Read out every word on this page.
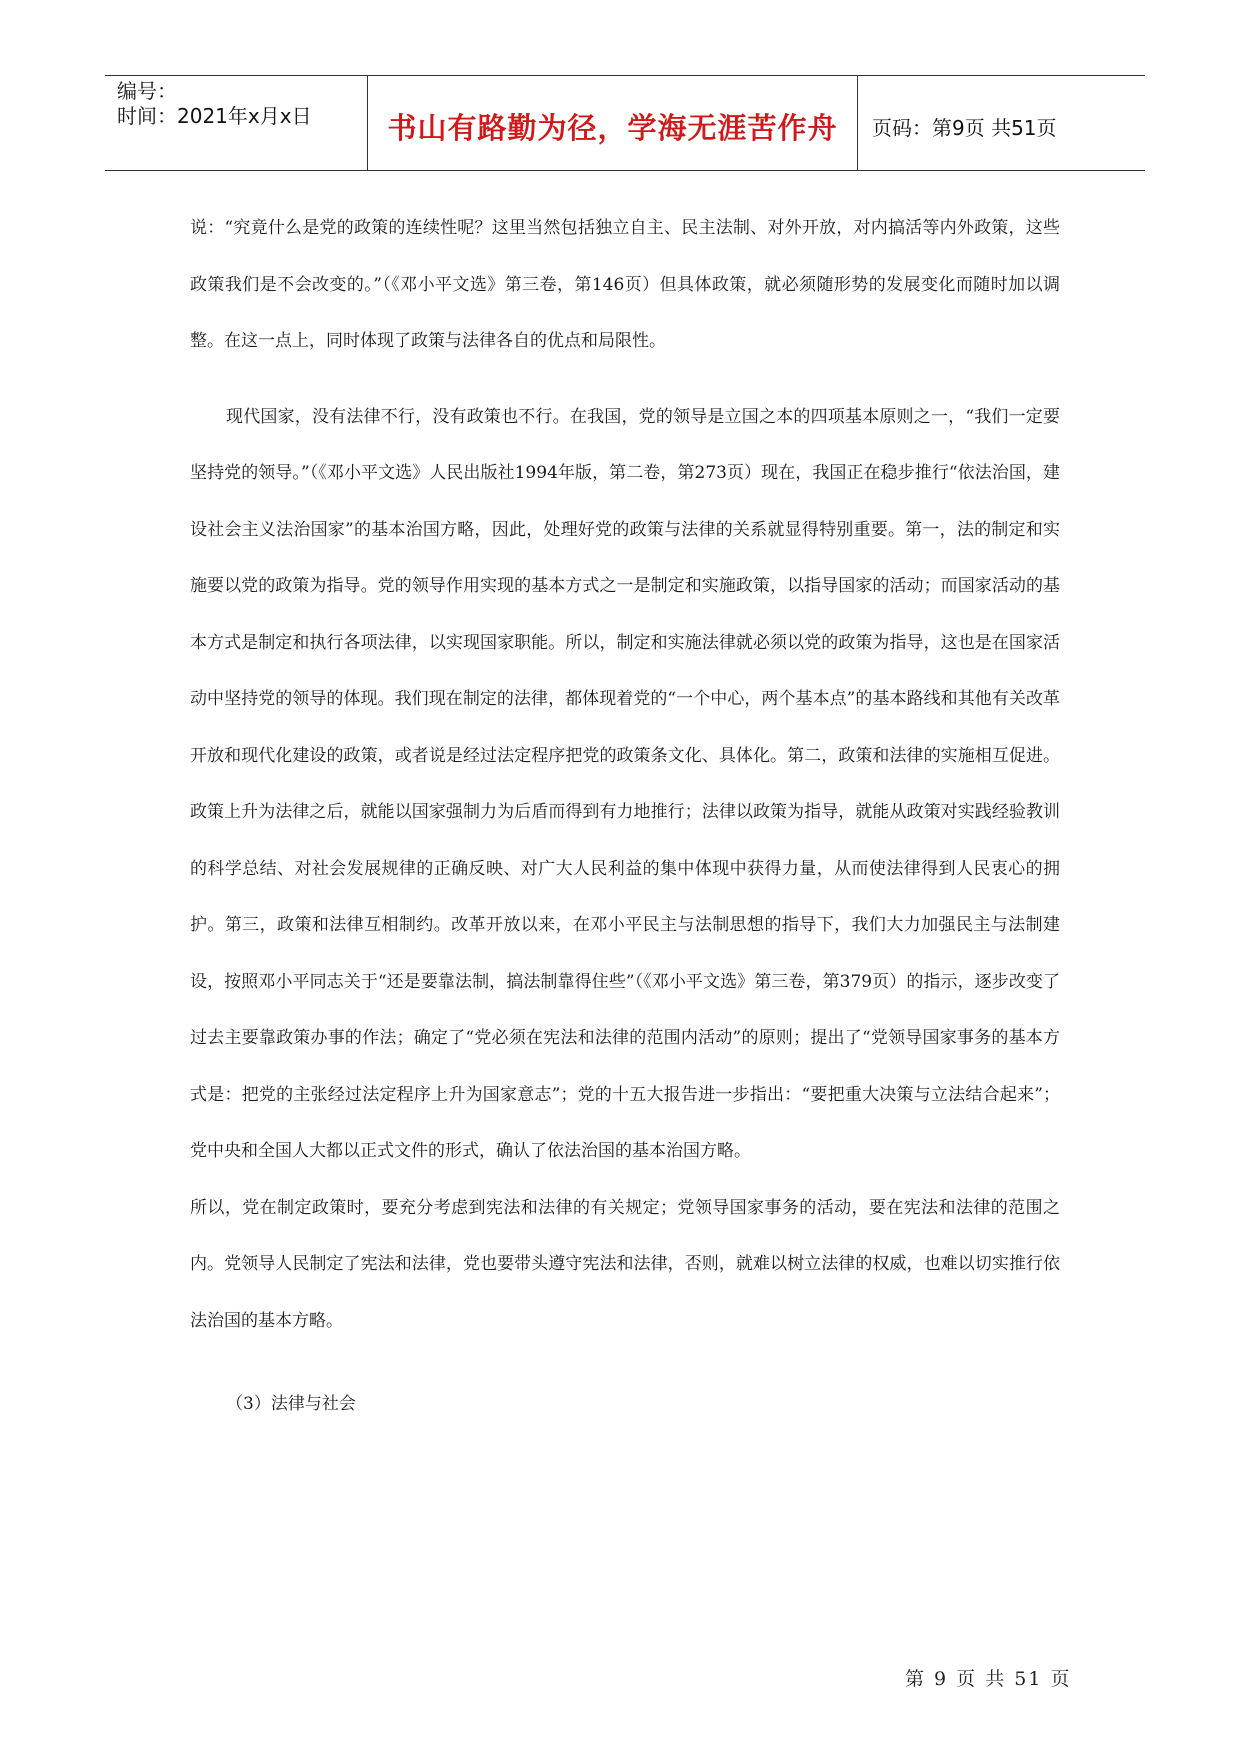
编号：
时间：2021年x月x日	书山有路勤为径，学海无涯苦作舟	页码：第9页 共51页

说：“究竟什么是党的政策的连续性呢？这里当然包括独立自主、民主法制、对外开放，对内搞活等内外政策，这些政策我们是不会改变的。”（《邓小平文选》第三卷，第146页）但具体政策，就必须随形势的发展变化而随时加以调整。在这一点上，同时体现了政策与法律各自的优点和局限性。

现代国家，没有法律不行，没有政策也不行。在我国，党的领导是立国之本的四项基本原则之一，“我们一定要坚持党的领导。”（《邓小平文选》人民出版社1994年版，第二卷，第273页）现在，我国正在稳步推行“依法治国，建设社会主义法治国家”的基本治国方略，因此，处理好党的政策与法律的关系就显得特别重要。第一，法的制定和实施要以党的政策为指导。党的领导作用实现的基本方式之一是制定和实施政策，以指导国家的活动；而国家活动的基本方式是制定和执行各项法律，以实现国家职能。所以，制定和实施法律就必须以党的政策为指导，这也是在国家活动中坚持党的领导的体现。我们现在制定的法律，都体现着党的“一个中心，两个基本点”的基本路线和其他有关改革开放和现代化建设的政策，或者说是经过法定程序把党的政策条文化、具体化。第二，政策和法律的实施相互促进。政策上升为法律之后，就能以国家强制力为后盾而得到有力地推行；法律以政策为指导，就能从政策对实践经验教训的科学总结、对社会发展规律的正确反映、对广大人民利益的集中体现中获得力量，从而使法律得到人民衷心的拥护。第三，政策和法律互相制约。改革开放以来，在邓小平民主与法制思想的指导下，我们大力加强民主与法制建设，按照邓小平同志关于“还是要靠法制，搞法制靠得住些”（《邓小平文选》第三卷，第379页）的指示，逐步改变了过去主要靠政策办事的作法；确定了“党必须在宪法和法律的范围内活动”的原则；提出了“党领导国家事务的基本方式是：把党的主张经过法定程序上升为国家意志”；党的十五大报告进一步指出：“要把重大决策与立法结合起来”；党中央和全国人大都以正式文件的形式，确认了依法治国的基本治国方略。

所以，党在制定政策时，要充分考虑到宪法和法律的有关规定；党领导国家事务的活动，要在宪法和法律的范围之内。党领导人民制定了宪法和法律，党也要带头遵守宪法和法律，否则，就难以树立法律的权威，也难以切实推行依法治国的基本方略。

（3）法律与社会

第 9 页 共 51 页
